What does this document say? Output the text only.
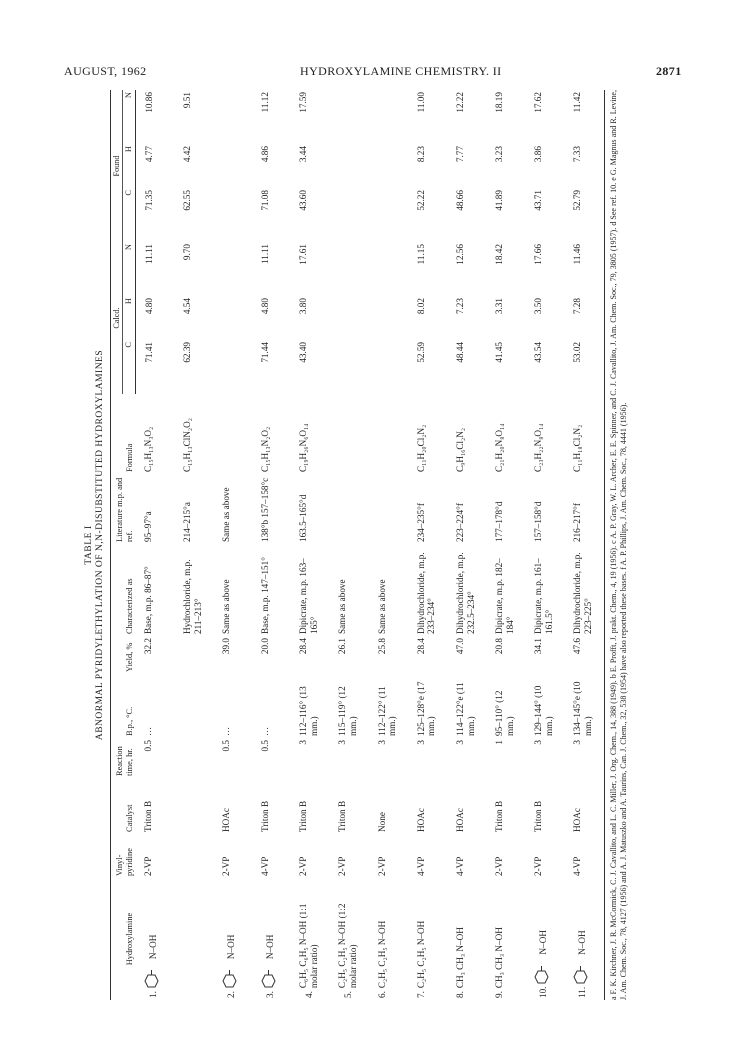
AUGUST, 1962	HYDROXYLAMINE CHEMISTRY. II	2871
TABLE I ABNORMAL PYRIDYLETHYLATION OF N,N-DISUBSTITUTED HYDROXYLAMINES
Hydroxylamine	Vinyl-pyridine	Catalyst	Reaction time, hr.	B.p., °C.	Yield, %	Characterized as	Literature m.p. and ref.	Formula	Calcd.			Found		
									C	H	N	C	H	N

1.
N–OH	2-VP	Triton B	0.5	…	32.2	Base, m.p. 86–87°	95–97°a	C₁₅H₁₃N₃O₂	71.41	4.80	11.11	71.35	4.77	10.86

						Hydrochloride, m.p. 211–213°	214–215°a	C₁₅H₁₃ClN₂O₂	62.39	4.54	9.70	62.55	4.42	9.51

2.
N–OH	2-VP	HOAc	0.5	…	39.0	Same as above	Same as above							

3.
N–OH	4-VP	Triton B	0.5	…	20.0	Base, m.p. 147–151°	138°b 157–158°c	C₁₅H₁₃N₂O₂	71.44	4.80	11.11	71.08	4.86	11.12

4.
C₆H₅ C₆H₅ N–OH (1:1 molar ratio)	2-VP	Triton B	3	112–116° (13 mm.)	28.4	Dipicrate, m.p. 163–165°	163.5–165°d	C₁₉H₂₆N₆O₁₄	43.40	3.80	17.61	43.60	3.44	17.59

5.
C₂H₅ C₂H₅ N–OH (1:2 molar ratio)	2-VP	Triton B	3	115–119° (12 mm.)	26.1	Same as above								

6.
C₂H₅ C₂H₅ N–OH	2-VP	None	3	112–122° (11 mm.)	25.8	Same as above								

7.
C₂H₅ C₂H₅ N–OH	4-VP	HOAc	3	125–128°e (17 mm.)	28.4	Dihydrochloride, m.p. 233–234°	234–235°f	C₁₁H₂₀Cl₂N₂	52.59	8.02	11.15	52.22	8.23	11.00

8.
CH₃ CH₃ N–OH	4-VP	HOAc	3	114–122°e (11 mm.)	47.0	Dihydrochloride, m.p. 232.5–234°	223–224°f	C₉H₁₆Cl₂N₂	48.44	7.23	12.56	48.66	7.77	12.22

9.
CH₃ CH₃ N–OH	2-VP	Triton B	1	95–110° (12 mm.)	20.8	Dipicrate, m.p. 182–184°	177–178°d	C₂₁H₂₀N₈O₁₄	41.45	3.31	18.42	41.89	3.23	18.19

10.
N–OH	2-VP	Triton B	3	129–144° (10 mm.)	34.1	Dipicrate, m.p. 161–161.5°	157–158°d	C₂₃H₂₂N₈O₁₄	43.54	3.50	17.66	43.71	3.86	17.62

11.
N–OH	4-VP	HOAc	3	134–145°e (10 mm.)	47.6	Dihydrochloride, m.p. 223–225°	216–217°f	C₁₁H₁₈Cl₂N₂	53.02	7.28	11.46	52.79	7.33	11.42	a F. K. Kirchner, J. R. McCormick, C. J. Cavallito, and L. C. Miller, J. Org. Chem., 14, 388 (1949). b E. Profft, J. prakt. Chem., 4, 19 (1956). c A. P. Gray, W. L. Archer, E. E. Spinner, and C. J. Cavallito, J. Am. Chem. Soc., 79, 3805 (1957). d See ref. 10. e G. Magnus and R. Levine, J. Am. Chem. Soc., 78, 4127 (1956) and A. J. Matuszko and A. Taurins, Can. J. Chem., 32, 538 (1954) have also reported these bases. f A. P. Phillips, J. Am. Chem. Soc., 78, 4441 (1956).
